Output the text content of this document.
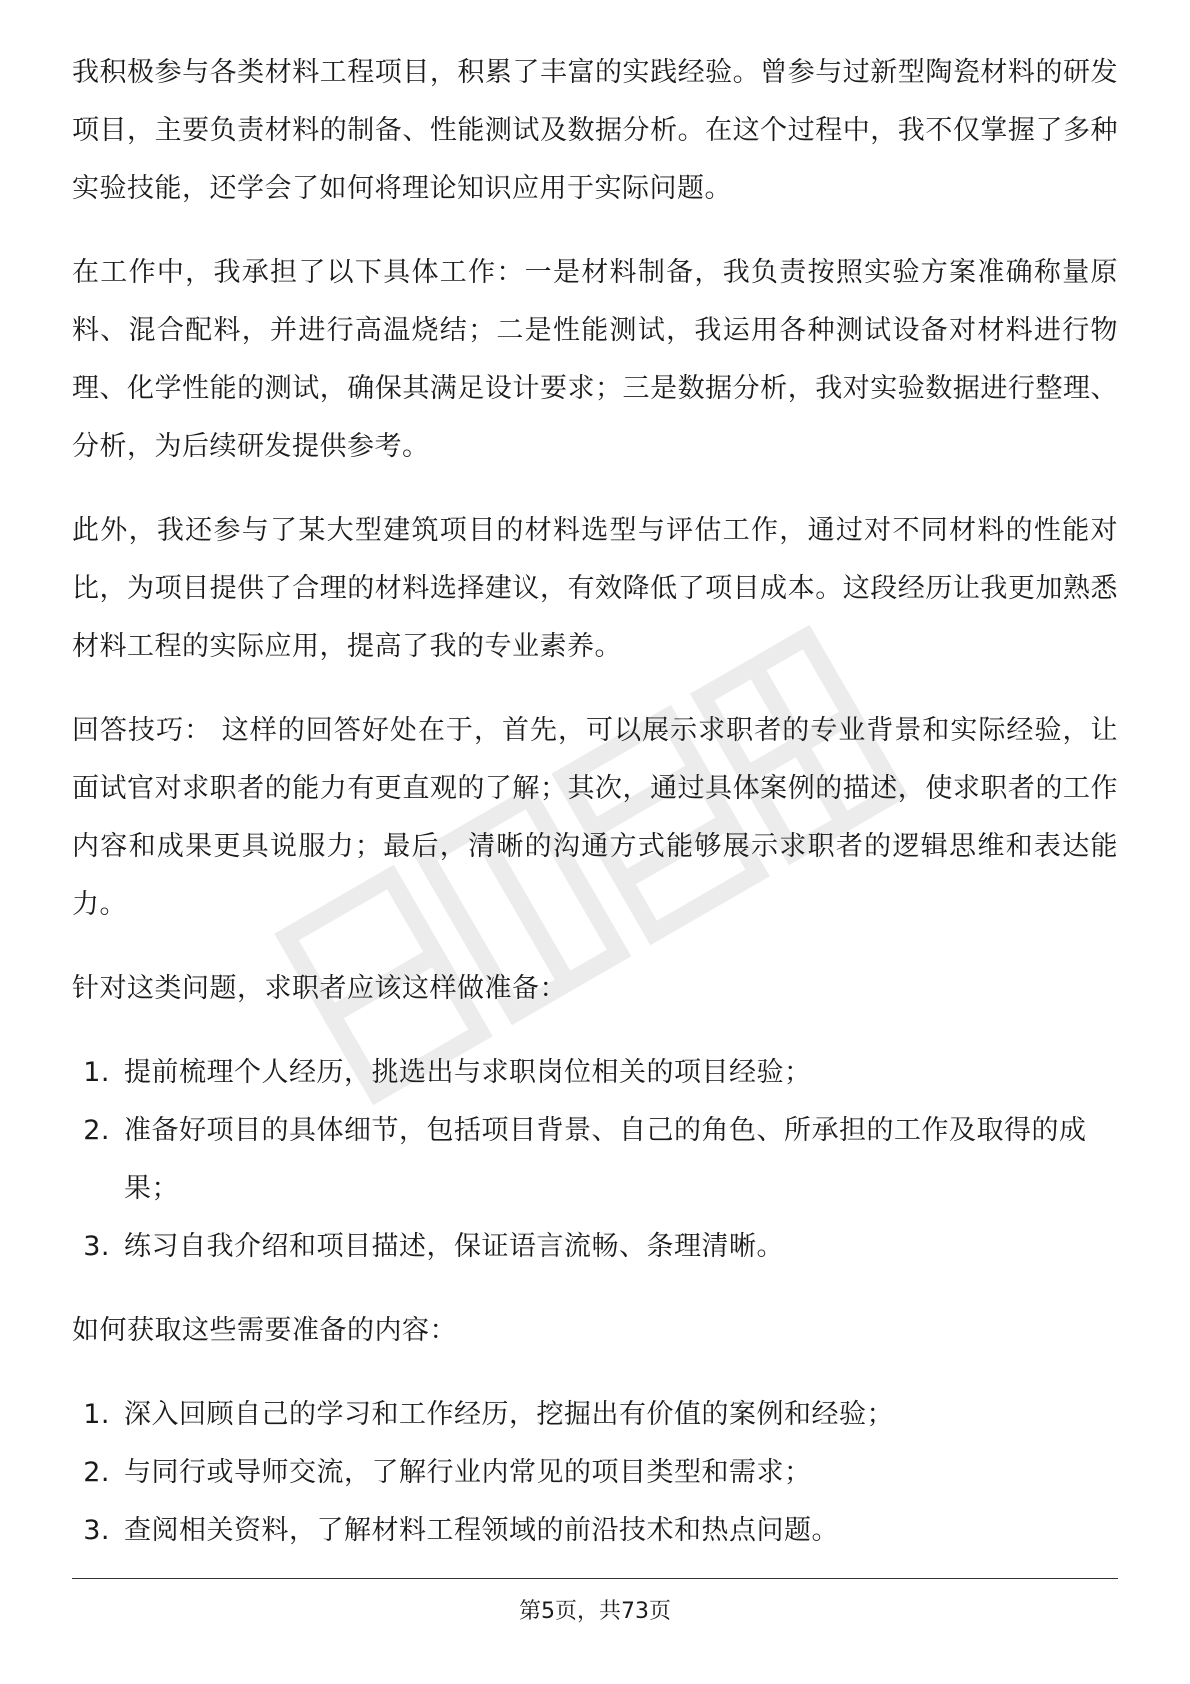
我积极参与各类材料工程项目，积累了丰富的实践经验。曾参与过新型陶瓷材料的研发项目，主要负责材料的制备、性能测试及数据分析。在这个过程中，我不仅掌握了多种实验技能，还学会了如何将理论知识应用于实际问题。

在工作中，我承担了以下具体工作：一是材料制备，我负责按照实验方案准确称量原料、混合配料，并进行高温烧结；二是性能测试，我运用各种测试设备对材料进行物理、化学性能的测试，确保其满足设计要求；三是数据分析，我对实验数据进行整理、分析，为后续研发提供参考。

此外，我还参与了某大型建筑项目的材料选型与评估工作，通过对不同材料的性能对比，为项目提供了合理的材料选择建议，有效降低了项目成本。这段经历让我更加熟悉材料工程的实际应用，提高了我的专业素养。

回答技巧： 这样的回答好处在于，首先，可以展示求职者的专业背景和实际经验，让面试官对求职者的能力有更直观的了解；其次，通过具体案例的描述，使求职者的工作内容和成果更具说服力；最后，清晰的沟通方式能够展示求职者的逻辑思维和表达能力。

针对这类问题，求职者应该这样做准备：

1. 提前梳理个人经历，挑选出与求职岗位相关的项目经验；
2. 准备好项目的具体细节，包括项目背景、自己的角色、所承担的工作及取得的成果；
3. 练习自我介绍和项目描述，保证语言流畅、条理清晰。

如何获取这些需要准备的内容：

1. 深入回顾自己的学习和工作经历，挖掘出有价值的案例和经验；
2. 与同行或导师交流，了解行业内常见的项目类型和需求；
3. 查阅相关资料，了解材料工程领域的前沿技术和热点问题。
第5页，共73页
